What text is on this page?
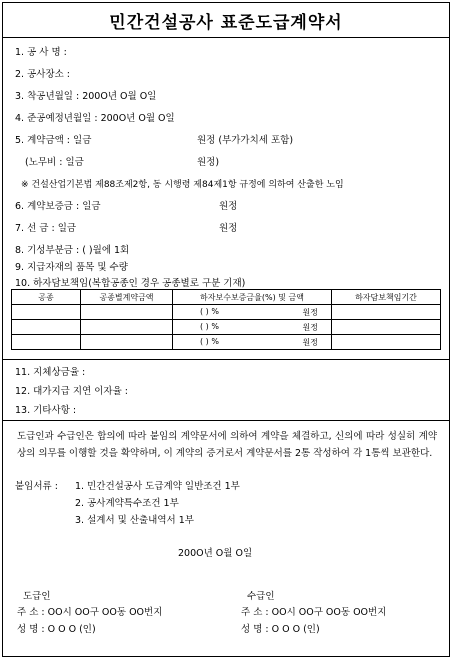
민간건설공사 표준도급계약서
1. 공 사 명 :
2. 공사장소 :
3. 착공년월일 : 200O년 O월 O일
4. 준공예정년월일 : 200O년 O월 O일
5. 계약금액 : 일금	원정 (부가가치세 포함)
(노무비 : 일금	원정)
※ 건설산업기본법 제88조제2항, 동 시행령 제84제1항 규정에 의하여 산출한 노임
6. 계약보증금 : 일금	원정
7. 선 금 : 일금	원정
8. 기성부분금 : ( )월에 1회
9. 지급자재의 품목 및 수량
10. 하자담보책임(복합공종인 경우 공종별로 구분 기재)
공종	공종별계약금액	하자보수보증금율(%) 및 금액	하자담보책임기간

		( ) % 원정	

		( ) % 원정	

		( ) % 원정	

11. 지체상금율 :
12. 대가지급 지연 이자율 :
13. 기타사항 :
도급인과 수급인은 합의에 따라 붙임의 계약문서에 의하여 계약을 체결하고, 신의에 따라 성실히 계약상의 의무를 이행할 것을 확약하며, 이 계약의 증거로서 계약문서를 2통 작성하여 각 1통씩 보관한다.
붙임서류 : 1. 민간건설공사 도급계약 일반조건 1부
2. 공사계약특수조건 1부
3. 설계서 및 산출내역서 1부
200O년 O월 O일
도급인
주 소 : OO시 OO구 OO동 OO번지
성 명 : O O O (인)
수급인
주 소 : OO시 OO구 OO동 OO번지
성 명 : O O O (인)
